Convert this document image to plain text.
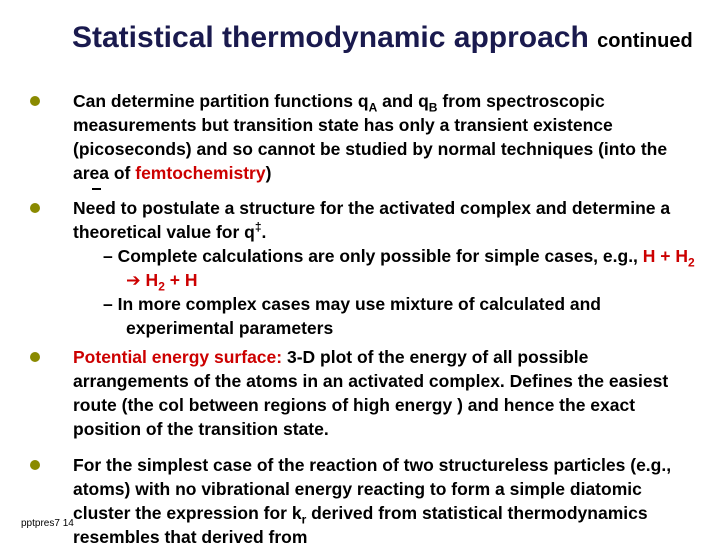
Statistical thermodynamic approach continued
Can determine partition functions $q_A$ and $q_B$ from spectroscopic measurements but transition state has only a transient existence (picoseconds) and so cannot be studied by normal techniques (into the area of femtochemistry)
Need to postulate a structure for the activated complex and determine a theoretical value for q‡.
– Complete calculations are only possible for simple cases, e.g., $H + H_2$ ➔ $H_2 + H$
– In more complex cases may use mixture of calculated and experimental parameters
Potential energy surface: 3-D plot of the energy of all possible arrangements of the atoms in an activated complex. Defines the easiest route (the col between regions of high energy ) and hence the exact position of the transition state.
For the simplest case of the reaction of two structureless particles (e.g., atoms) with no vibrational energy reacting to form a simple diatomic cluster the expression for $k_r$ derived from statistical thermodynamics resembles that derived from
pptpres7 14
